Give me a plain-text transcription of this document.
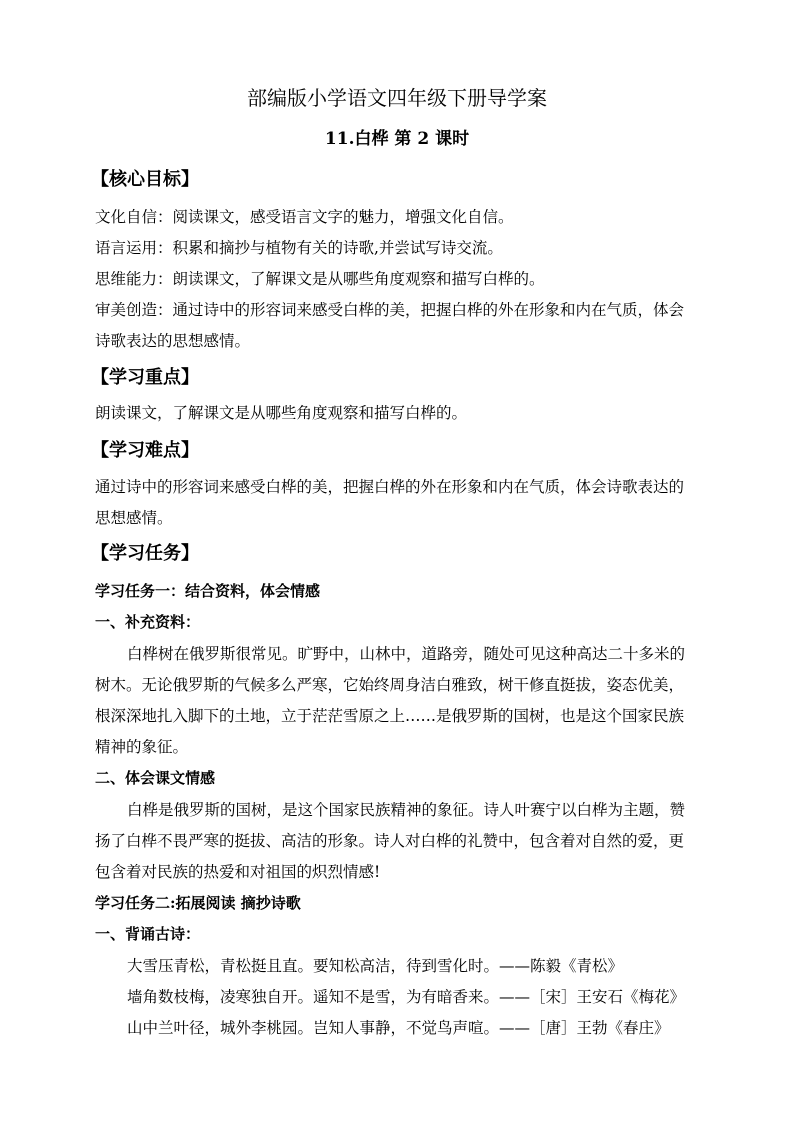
部编版小学语文四年级下册导学案
11.白桦 第 2 课时
【核心目标】
文化自信：阅读课文，感受语言文字的魅力，增强文化自信。
语言运用：积累和摘抄与植物有关的诗歌,并尝试写诗交流。
思维能力：朗读课文，了解课文是从哪些角度观察和描写白桦的。
审美创造：通过诗中的形容词来感受白桦的美，把握白桦的外在形象和内在气质，体会
诗歌表达的思想感情。
【学习重点】
朗读课文，了解课文是从哪些角度观察和描写白桦的。
【学习难点】
通过诗中的形容词来感受白桦的美，把握白桦的外在形象和内在气质，体会诗歌表达的
思想感情。
【学习任务】
学习任务一：结合资料，体会情感
一、补充资料：
白桦树在俄罗斯很常见。旷野中，山林中，道路旁，随处可见这种高达二十多米的
树木。无论俄罗斯的气候多么严寒，它始终周身洁白雅致，树干修直挺拔，姿态优美，
根深深地扎入脚下的土地，立于茫茫雪原之上……是俄罗斯的国树，也是这个国家民族
精神的象征。
二、体会课文情感
白桦是俄罗斯的国树，是这个国家民族精神的象征。诗人叶赛宁以白桦为主题，赞
扬了白桦不畏严寒的挺拔、高洁的形象。诗人对白桦的礼赞中，包含着对自然的爱，更
包含着对民族的热爱和对祖国的炽烈情感!
学习任务二:拓展阅读 摘抄诗歌
一、背诵古诗：
大雪压青松，青松挺且直。要知松高洁，待到雪化时。——陈毅《青松》
墙角数枝梅，凌寒独自开。遥知不是雪，为有暗香来。——［宋］王安石《梅花》
山中兰叶径，城外李桃园。岂知人事静，不觉鸟声喧。——［唐］王勃《春庄》
